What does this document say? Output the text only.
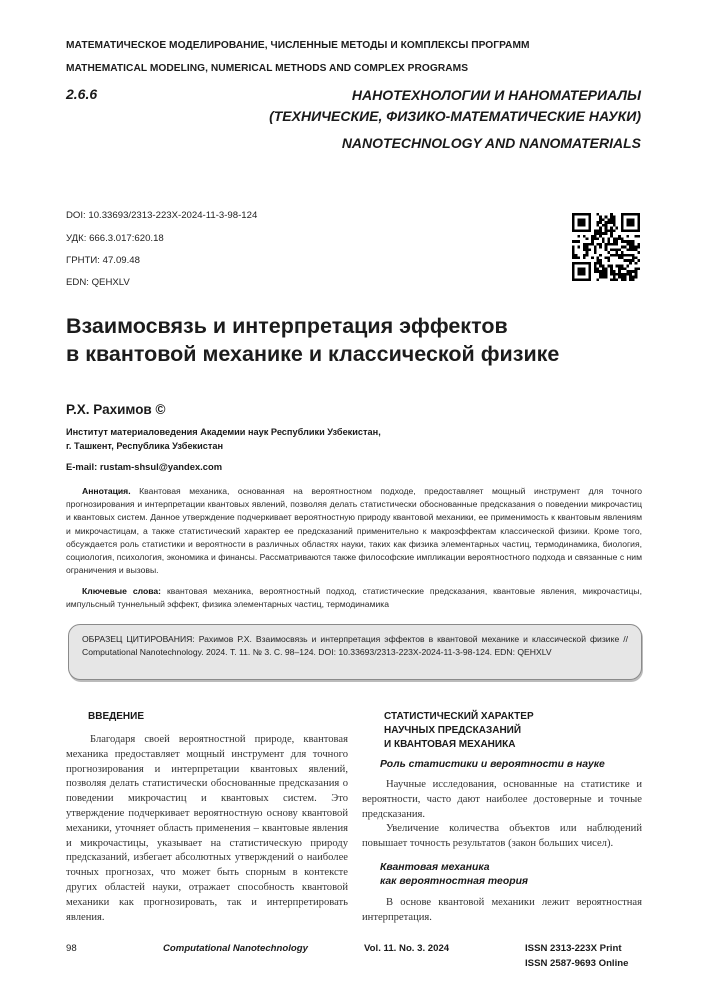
МАТЕМАТИЧЕСКОЕ МОДЕЛИРОВАНИЕ, ЧИСЛЕННЫЕ МЕТОДЫ И КОМПЛЕКСЫ ПРОГРАММ
MATHEMATICAL MODELING, NUMERICAL METHODS AND COMPLEX PROGRAMS
2.6.6	НАНОТЕХНОЛОГИИ И НАНОМАТЕРИАЛЫ
(ТЕХНИЧЕСКИЕ, ФИЗИКО-МАТЕМАТИЧЕСКИЕ НАУКИ)
NANOTECHNOLOGY AND NANOMATERIALS
DOI: 10.33693/2313-223X-2024-11-3-98-124
УДК: 666.3.017:620.18
ГРНТИ: 47.09.48
EDN: QEHXLV
Взаимосвязь и интерпретация эффектов
в квантовой механике и классической физике
Р.Х. Рахимов ©
Институт материаловедения Академии наук Республики Узбекистан,
г. Ташкент, Республика Узбекистан
E-mail: rustam-shsul@yandex.com
Аннотация. Квантовая механика, основанная на вероятностном подходе, предоставляет мощный инструмент для точного прогнозирования и интерпретации квантовых явлений, позволяя делать статистически обоснованные предсказания о поведении микрочастиц и квантовых систем. Данное утверждение подчеркивает вероятностную природу квантовой механики, ее применимость к квантовым явлениям и микрочастицам, а также статистический характер ее предсказаний применительно к макроэффектам классической физики. Кроме того, обсуждается роль статистики и вероятности в различных областях науки, таких как физика элементарных частиц, термодинамика, биология, социология, психология, экономика и финансы. Рассматриваются также философские импликации вероятностного подхода и связанные с ним ограничения и вызовы.
Ключевые слова: квантовая механика, вероятностный подход, статистические предсказания, квантовые явления, микрочастицы, импульсный туннельный эффект, физика элементарных частиц, термодинамика
ОБРАЗЕЦ ЦИТИРОВАНИЯ: Рахимов Р.Х. Взаимосвязь и интерпретация эффектов в квантовой механике и классической физике // Computational Nanotechnology. 2024. Т. 11. № 3. С. 98–124. DOI: 10.33693/2313-223X-2024-11-3-98-124. EDN: QEHXLV
ВВЕДЕНИЕ
Благодаря своей вероятностной природе, квантовая механика предоставляет мощный инструмент для точного прогнозирования и интерпретации квантовых явлений, позволяя делать статистически обоснованные предсказания о поведении микрочастиц и квантовых систем. Это утверждение подчеркивает вероятностную основу квантовой механики, уточняет область применения – квантовые явления и микрочастицы, указывает на статистическую природу предсказаний, избегает абсолютных утверждений о наиболее точных прогнозах, что может быть спорным в контексте других областей науки, отражает способность квантовой механики как прогнозировать, так и интерпретировать явления.
СТАТИСТИЧЕСКИЙ ХАРАКТЕР
НАУЧНЫХ ПРЕДСКАЗАНИЙ
И КВАНТОВАЯ МЕХАНИКА
Роль статистики и вероятности в науке
Научные исследования, основанные на статистике и вероятности, часто дают наиболее достоверные и точные предсказания.
Увеличение количества объектов или наблюдений повышает точность результатов (закон больших чисел).
Квантовая механика
как вероятностная теория
В основе квантовой механики лежит вероятностная интерпретация.
98	Computational Nanotechnology	Vol. 11. No. 3. 2024	ISSN 2313-223X Print
ISSN 2587-9693 Online
